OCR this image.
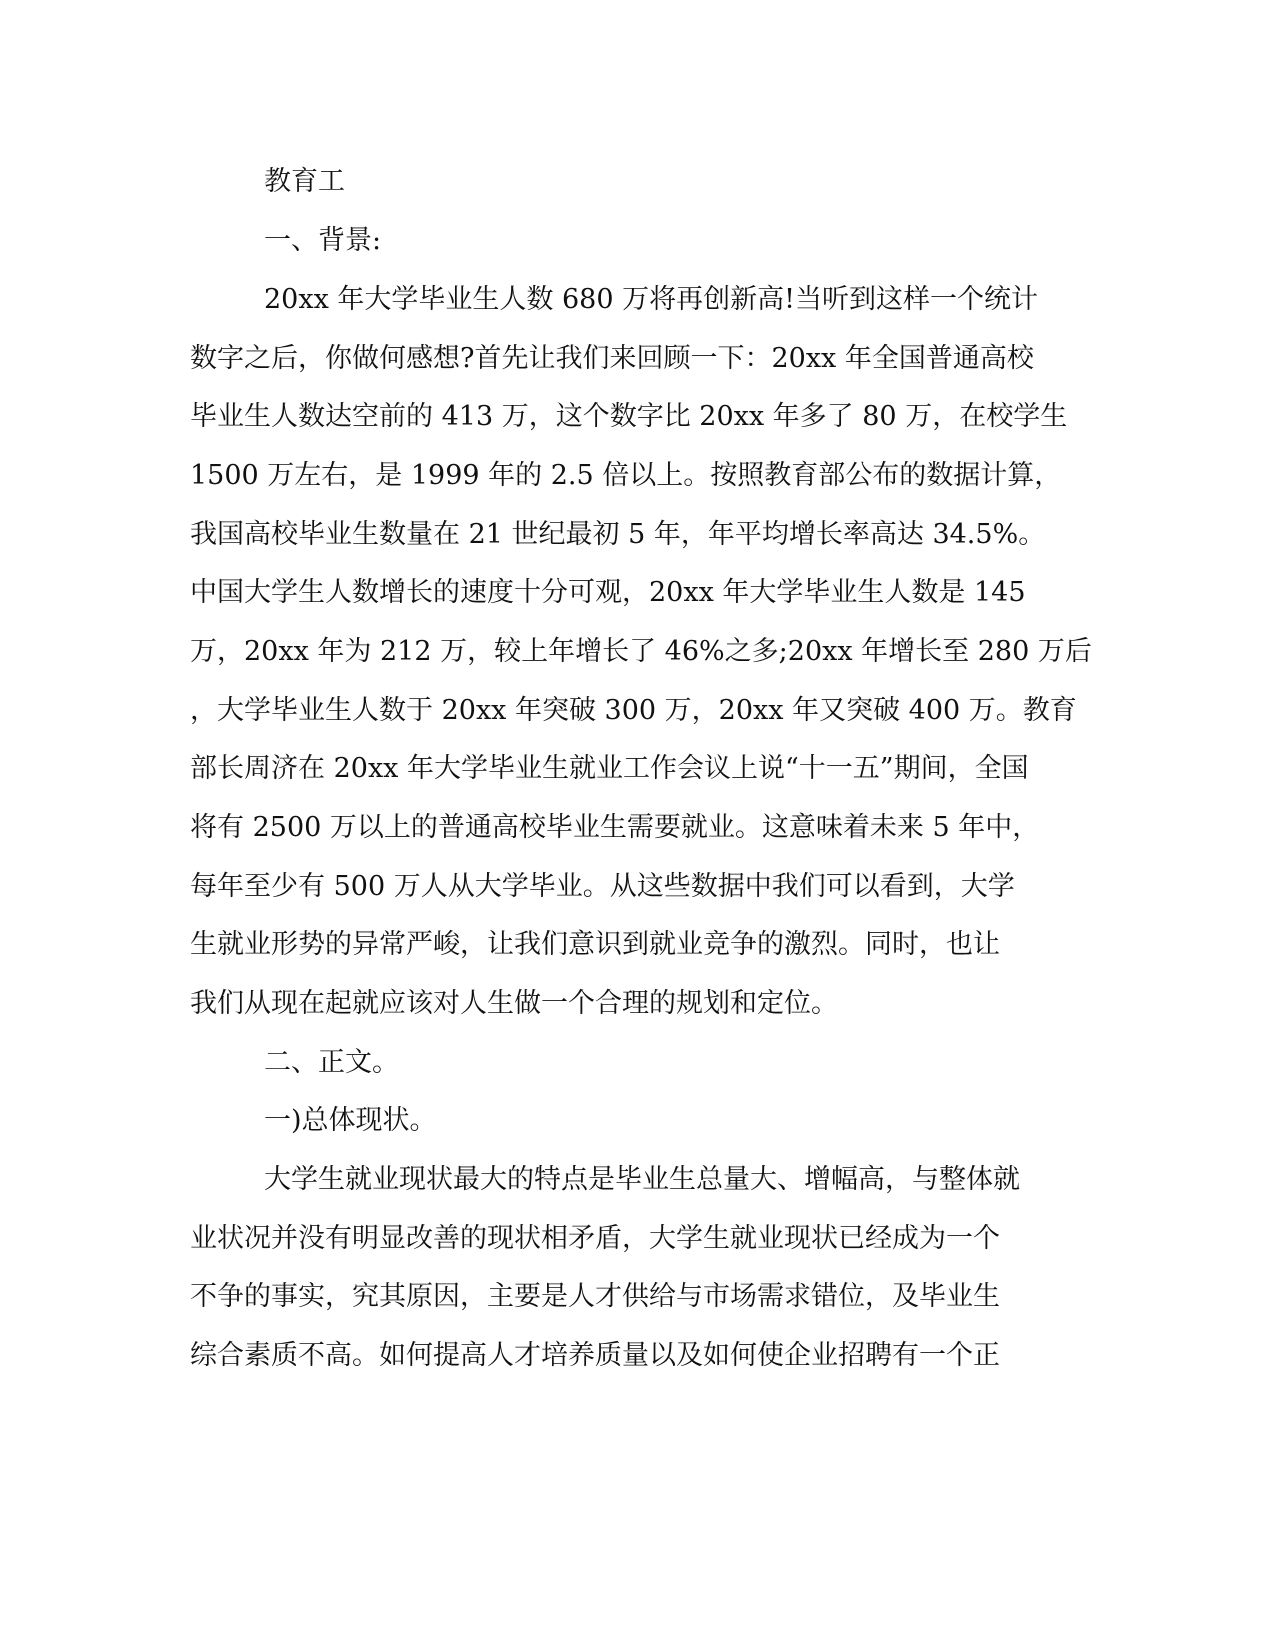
教育工
一、背景:
20xx 年大学毕业生人数 680 万将再创新高!当听到这样一个统计
数字之后，你做何感想?首先让我们来回顾一下：20xx 年全国普通高校
毕业生人数达空前的 413 万，这个数字比 20xx 年多了 80 万，在校学生
1500 万左右，是 1999 年的 2.5 倍以上。按照教育部公布的数据计算，
我国高校毕业生数量在 21 世纪最初 5 年，年平均增长率高达 34.5%。
中国大学生人数增长的速度十分可观，20xx 年大学毕业生人数是 145
万，20xx 年为 212 万，较上年增长了 46%之多;20xx 年增长至 280 万后
，大学毕业生人数于 20xx 年突破 300 万，20xx 年又突破 400 万。教育
部长周济在 20xx 年大学毕业生就业工作会议上说“十一五”期间，全国
将有 2500 万以上的普通高校毕业生需要就业。这意味着未来 5 年中，
每年至少有 500 万人从大学毕业。从这些数据中我们可以看到，大学
生就业形势的异常严峻，让我们意识到就业竞争的激烈。同时，也让
我们从现在起就应该对人生做一个合理的规划和定位。
二、正文。
一)总体现状。
大学生就业现状最大的特点是毕业生总量大、增幅高，与整体就
业状况并没有明显改善的现状相矛盾，大学生就业现状已经成为一个
不争的事实，究其原因，主要是人才供给与市场需求错位，及毕业生
综合素质不高。如何提高人才培养质量以及如何使企业招聘有一个正
